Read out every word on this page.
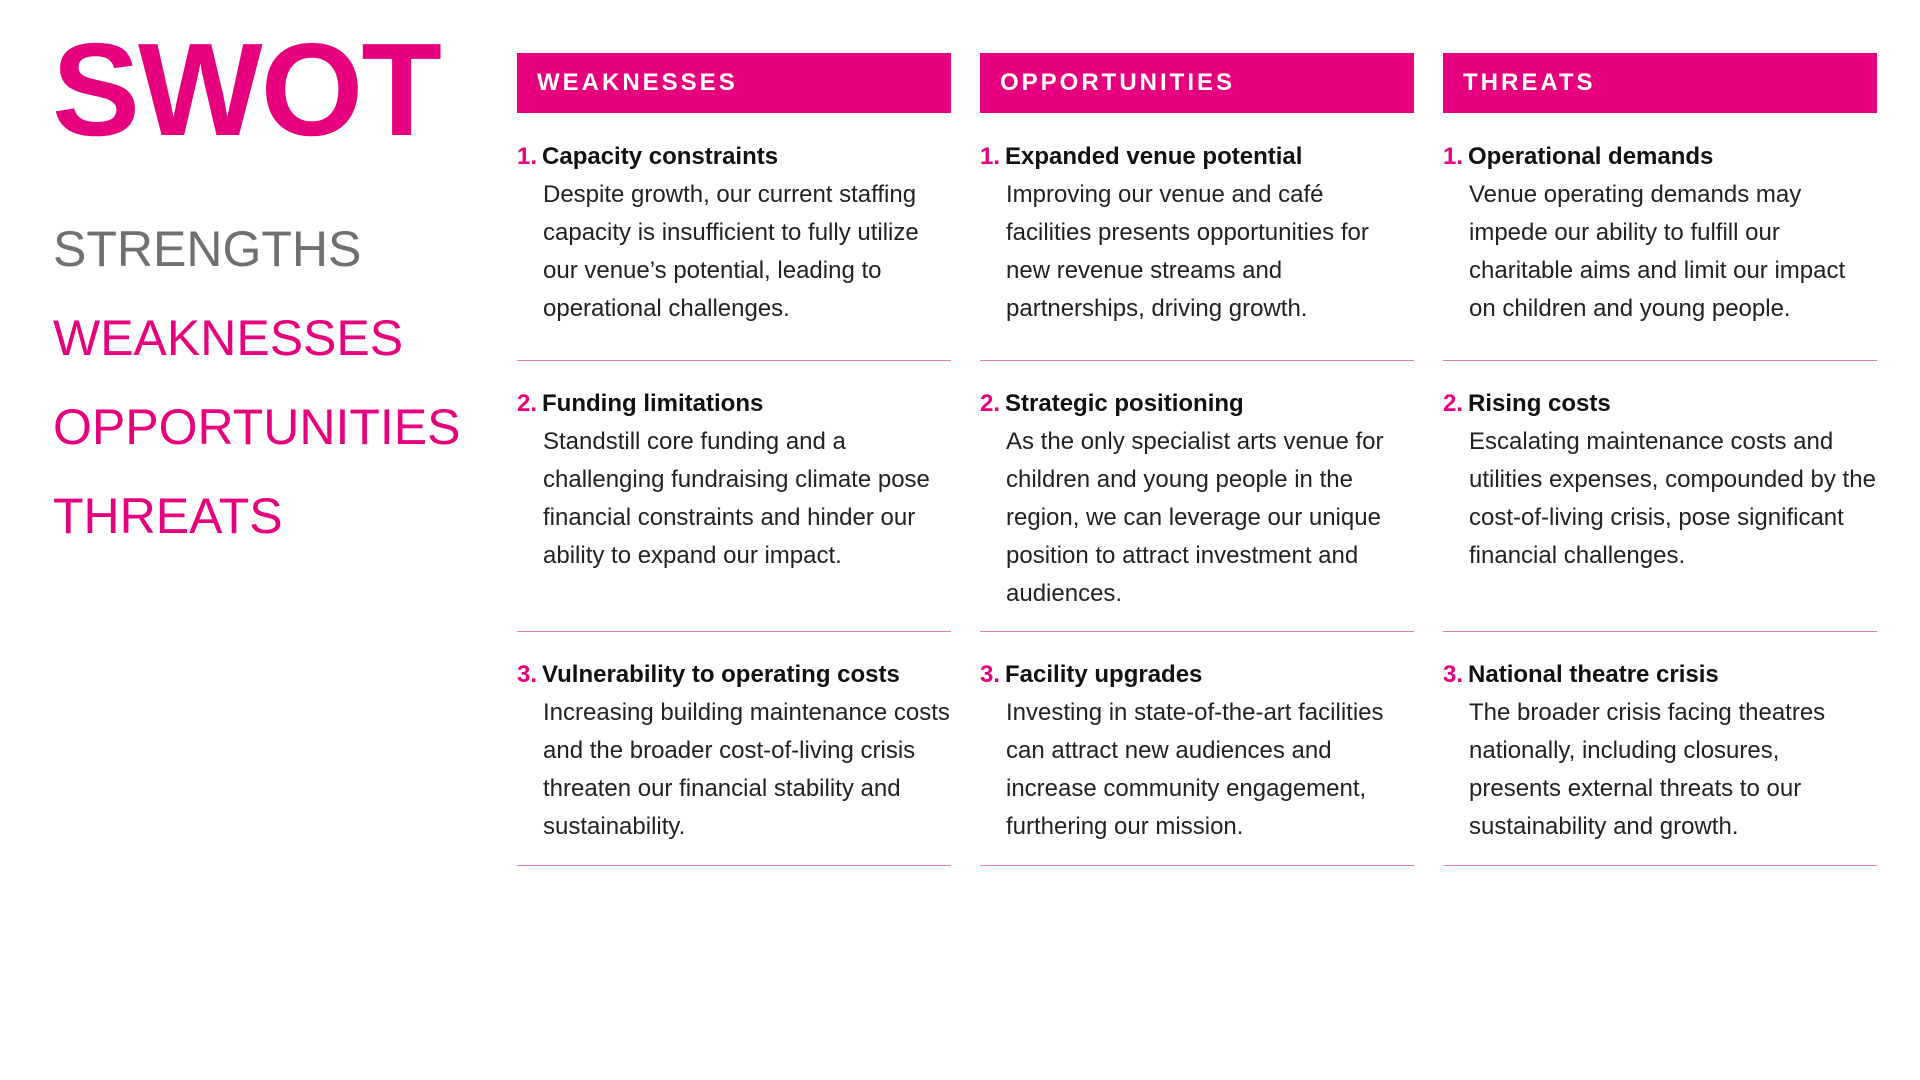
SWOT
STRENGTHS
WEAKNESSES
OPPORTUNITIES
THREATS
WEAKNESSES
1. Capacity constraints
Despite growth, our current staffing capacity is insufficient to fully utilize our venue’s potential, leading to operational challenges.
2. Funding limitations
Standstill core funding and a challenging fundraising climate pose financial constraints and hinder our ability to expand our impact.
3. Vulnerability to operating costs
Increasing building maintenance costs and the broader cost-of-living crisis threaten our financial stability and sustainability.
OPPORTUNITIES
1. Expanded venue potential
Improving our venue and café facilities presents opportunities for new revenue streams and partnerships, driving growth.
2. Strategic positioning
As the only specialist arts venue for children and young people in the region, we can leverage our unique position to attract investment and audiences.
3. Facility upgrades
Investing in state-of-the-art facilities can attract new audiences and increase community engagement, furthering our mission.
THREATS
1. Operational demands
Venue operating demands may impede our ability to fulfill our charitable aims and limit our impact on children and young people.
2. Rising costs
Escalating maintenance costs and utilities expenses, compounded by the cost-of-living crisis, pose significant financial challenges.
3. National theatre crisis
The broader crisis facing theatres nationally, including closures, presents external threats to our sustainability and growth.
